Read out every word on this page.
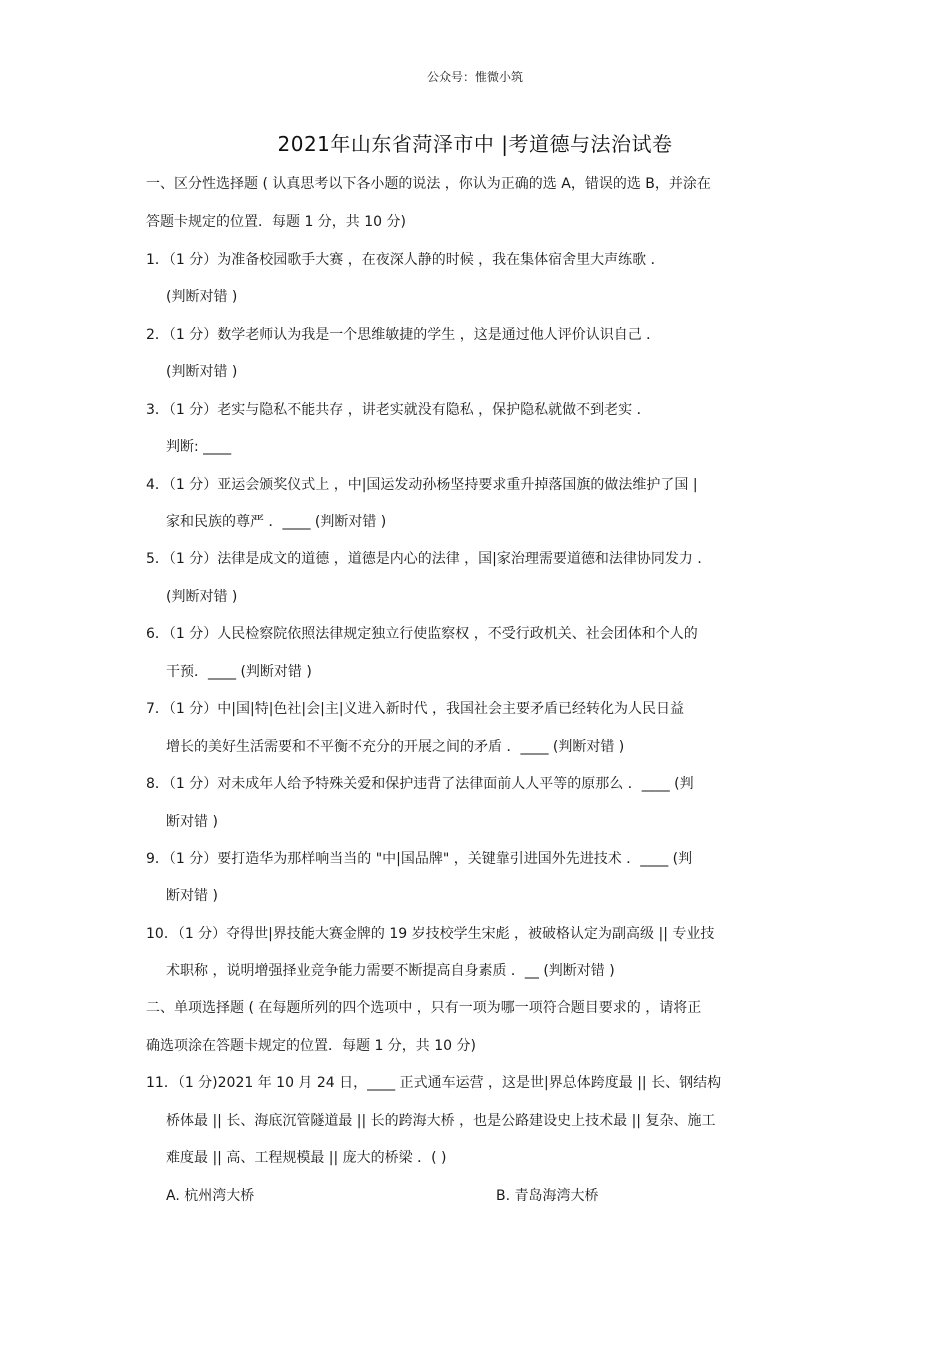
公众号：惟微小筑
2021年山东省菏泽市中 |考道德与法治试卷
一、区分性选择题 ( 认真思考以下各小题的说法 ，你认为正确的选 A，错误的选 B，并涂在
答题卡规定的位置．每题 1 分，共 10 分)
1．（1 分）为准备校园歌手大赛 ，在夜深人静的时候 ，我在集体宿舍里大声练歌 ．
(判断对错 )
2．（1 分）数学老师认为我是一个思维敏捷的学生 ，这是通过他人评价认识自己 ．
(判断对错 )
3．（1 分）老实与隐私不能共存 ，讲老实就没有隐私 ，保护隐私就做不到老实 ．
判断: ____
4．（1 分）亚运会颁奖仪式上 ，中|国运发动孙杨坚持要求重升掉落国旗的做法维护了国 |
家和民族的尊严 ．____ (判断对错 )
5．（1 分）法律是成文的道德 ，道德是内心的法律 ，国|家治理需要道德和法律协同发力 ．
(判断对错 )
6．（1 分）人民检察院依照法律规定独立行使监察权 ，不受行政机关、社会团体和个人的
干预．____ (判断对错 )
7．（1 分）中|国|特|色社|会|主|义进入新时代 ，我国社会主要矛盾已经转化为人民日益
增长的美好生活需要和不平衡不充分的开展之间的矛盾 ．____ (判断对错 )
8．（1 分）对未成年人给予特殊关爱和保护违背了法律面前人人平等的原那么 ．____ (判
断对错 )
9．（1 分）要打造华为那样响当当的 "中|国品牌" ，关键靠引进国外先进技术 ．____ (判
断对错 )
10．（1 分）夺得世|界技能大赛金牌的 19 岁技校学生宋彪 ，被破格认定为副高级 || 专业技
术职称 ，说明增强择业竞争能力需要不断提高自身素质 ．__ (判断对错 )
二、单项选择题 ( 在每题所列的四个选项中 ，只有一项为哪一项符合题目要求的 ，请将正
确选项涂在答题卡规定的位置．每题 1 分，共 10 分)
11．（1 分)2021 年 10 月 24 日，____ 正式通车运营 ，这是世|界总体跨度最 || 长、钢结构
桥体最 || 长、海底沉管隧道最 || 长的跨海大桥 ，也是公路建设史上技术最 || 复杂、施工
难度最 || 高、工程规模最 || 庞大的桥梁 ．( )
A. 杭州湾大桥	B. 青岛海湾大桥
